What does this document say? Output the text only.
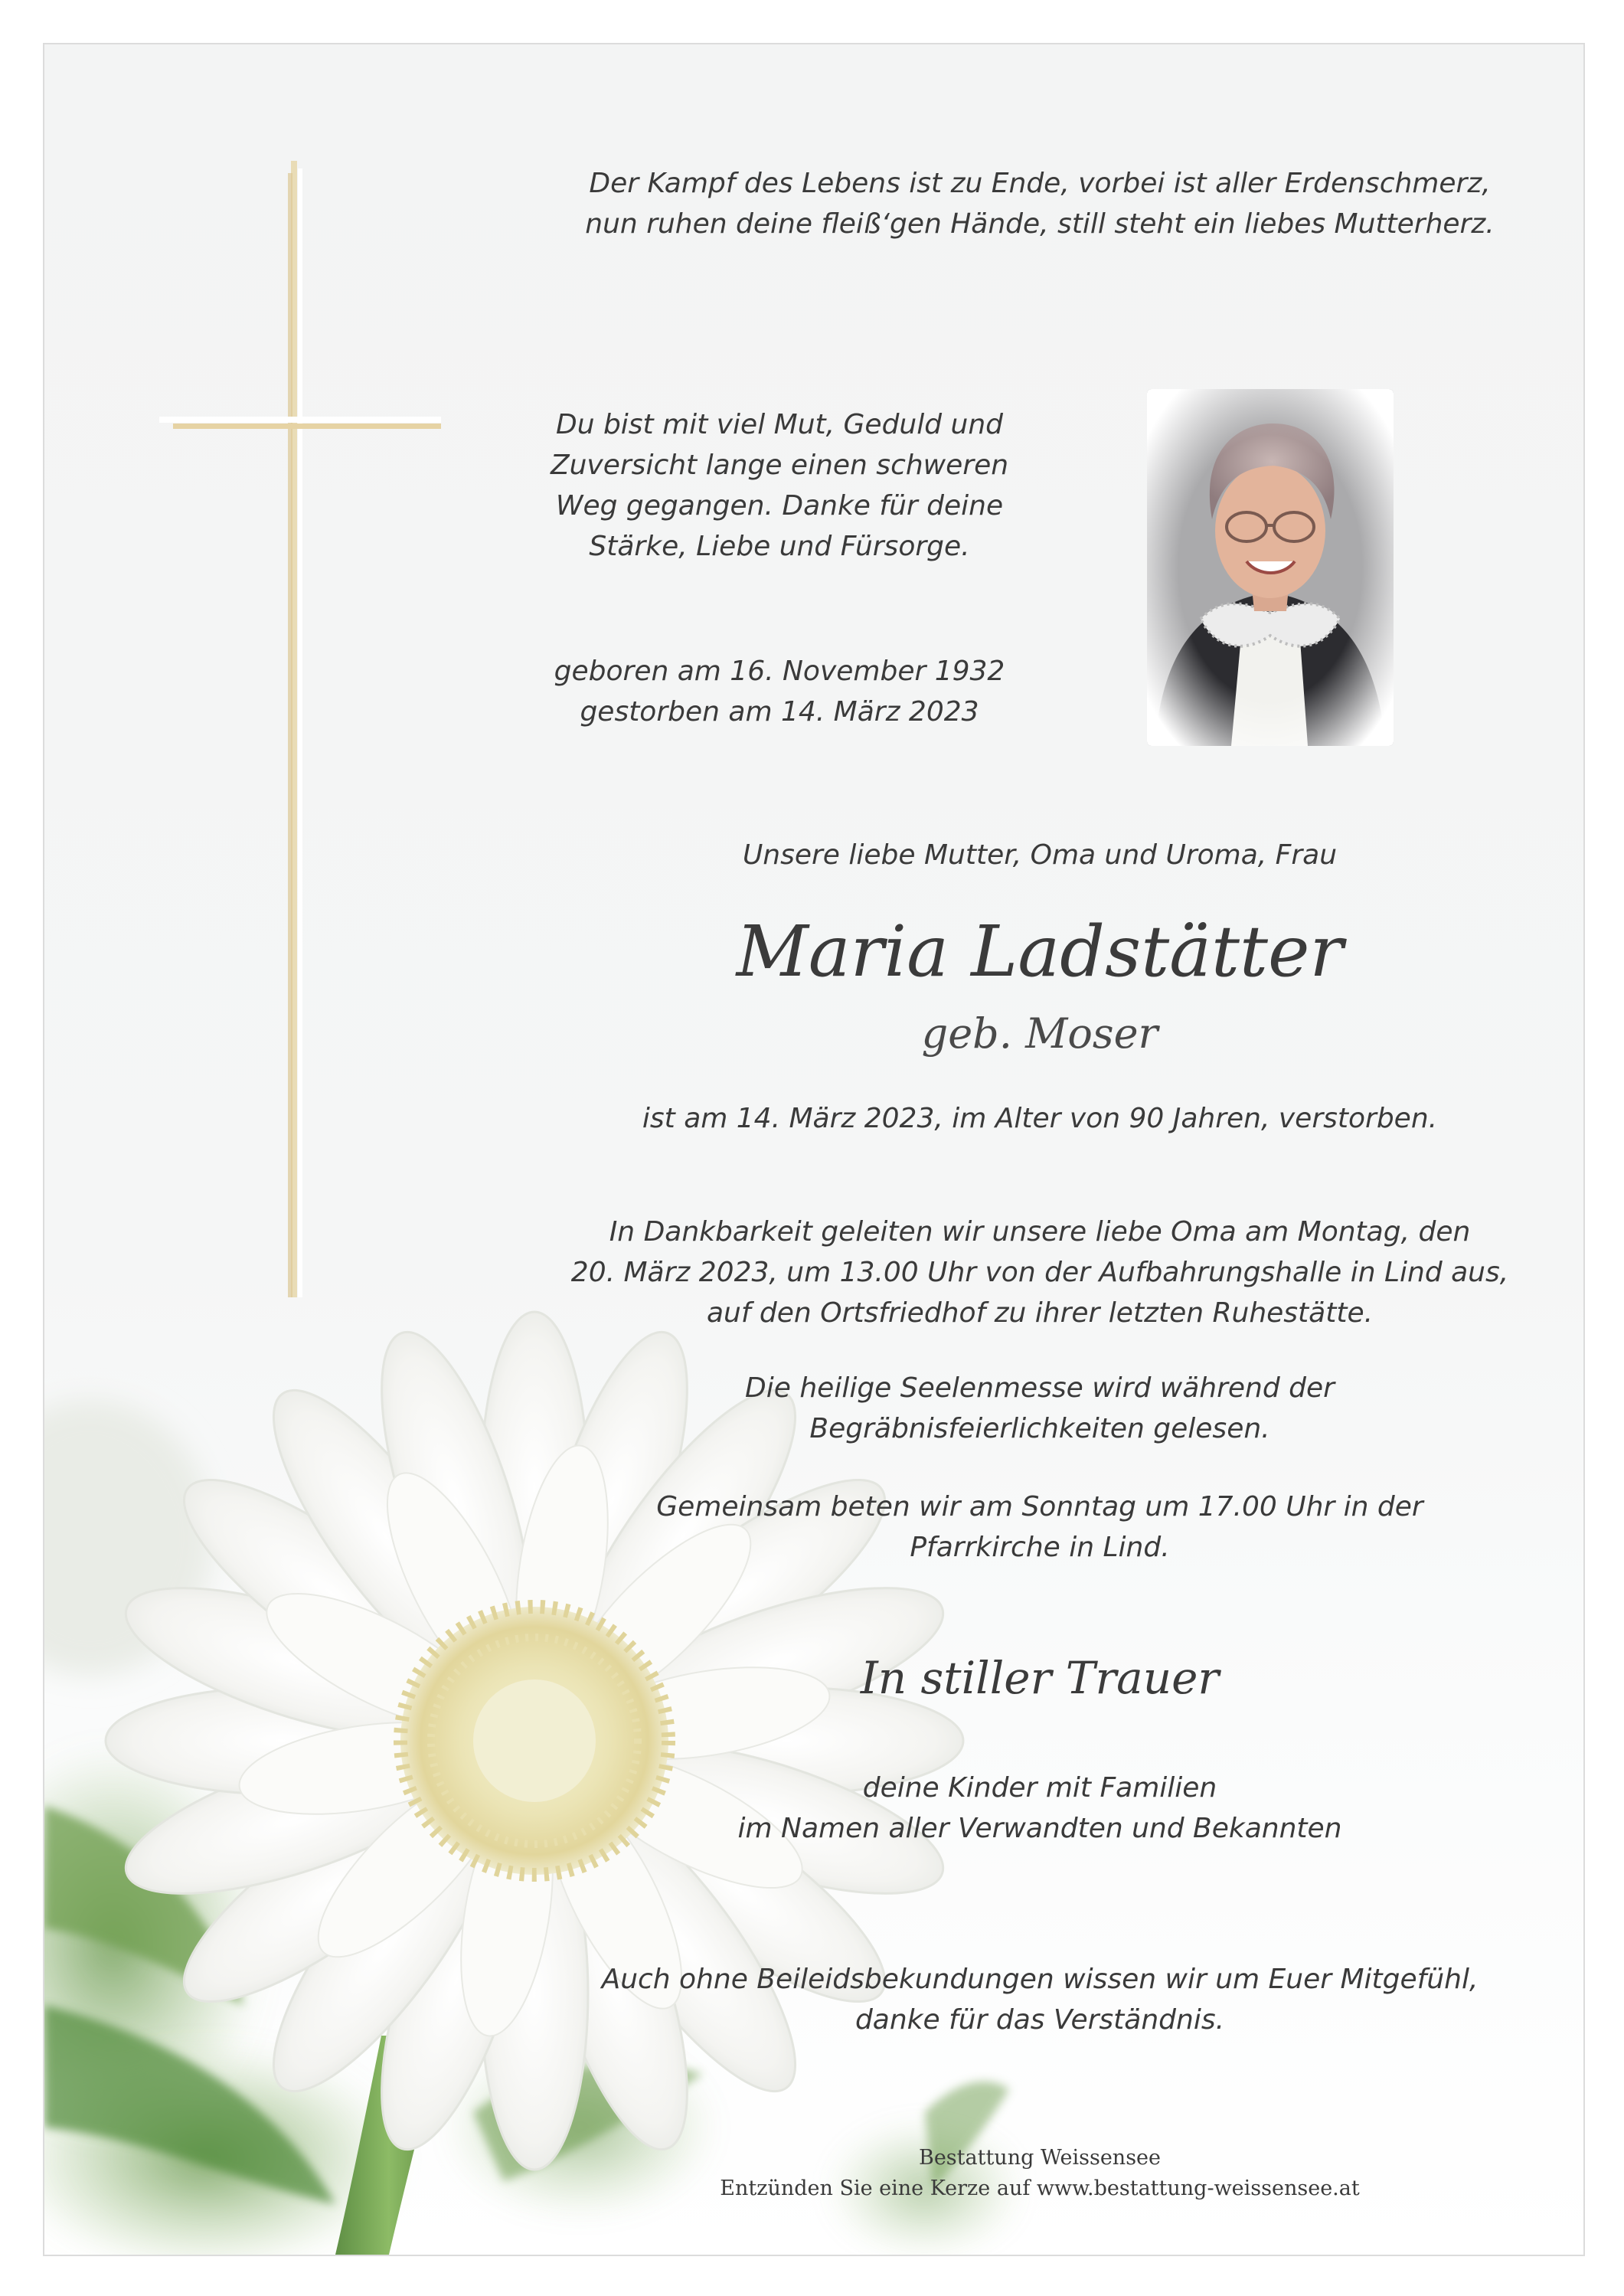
Der Kampf des Lebens ist zu Ende, vorbei ist aller Erdenschmerz,
nun ruhen deine fleiß‘gen Hände, still steht ein liebes Mutterherz.
Du bist mit viel Mut, Geduld und
Zuversicht lange einen schweren
Weg gegangen. Danke für deine
Stärke, Liebe und Fürsorge.
geboren am 16. November 1932
gestorben am 14. März 2023
Unsere liebe Mutter, Oma und Uroma, Frau
Maria Ladstätter
geb. Moser
ist am 14. März 2023, im Alter von 90 Jahren, verstorben.
In Dankbarkeit geleiten wir unsere liebe Oma am Montag, den
20. März 2023, um 13.00 Uhr von der Aufbahrungshalle in Lind aus,
auf den Ortsfriedhof zu ihrer letzten Ruhestätte.
Die heilige Seelenmesse wird während der
Begräbnisfeierlichkeiten gelesen.
Gemeinsam beten wir am Sonntag um 17.00 Uhr in der
Pfarrkirche in Lind.
In stiller Trauer
deine Kinder mit Familien
im Namen aller Verwandten und Bekannten
Auch ohne Beileidsbekundungen wissen wir um Euer Mitgefühl,
danke für das Verständnis.
Bestattung Weissensee
Entzünden Sie eine Kerze auf www.bestattung-weissensee.at
